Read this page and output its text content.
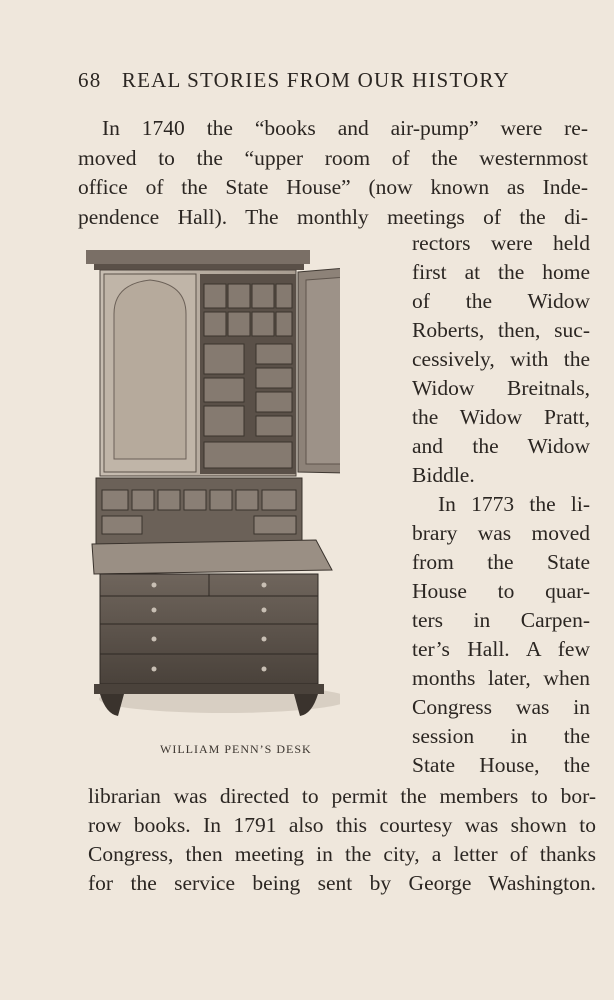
68 REAL STORIES FROM OUR HISTORY
In 1740 the “books and air-pump” were re-
moved to the “upper room of the westernmost
office of the State House” (now known as Inde-
pendence Hall). The monthly meetings of the di-
rectors were held
first at the home
of the Widow
Roberts, then, suc-
cessively, with the
Widow Breitnals,
the Widow Pratt,
and the Widow
Biddle.
In 1773 the li-
brary was moved
from the State
House to quar-
ters in Carpen-
ter’s Hall. A few
months later, when
Congress was in
session in the
State House, the
librarian was directed to permit the members to bor-
row books. In 1791 also this courtesy was shown to
Congress, then meeting in the city, a letter of thanks
for the service being sent by George Washington.
WILLIAM PENN’S DESK
